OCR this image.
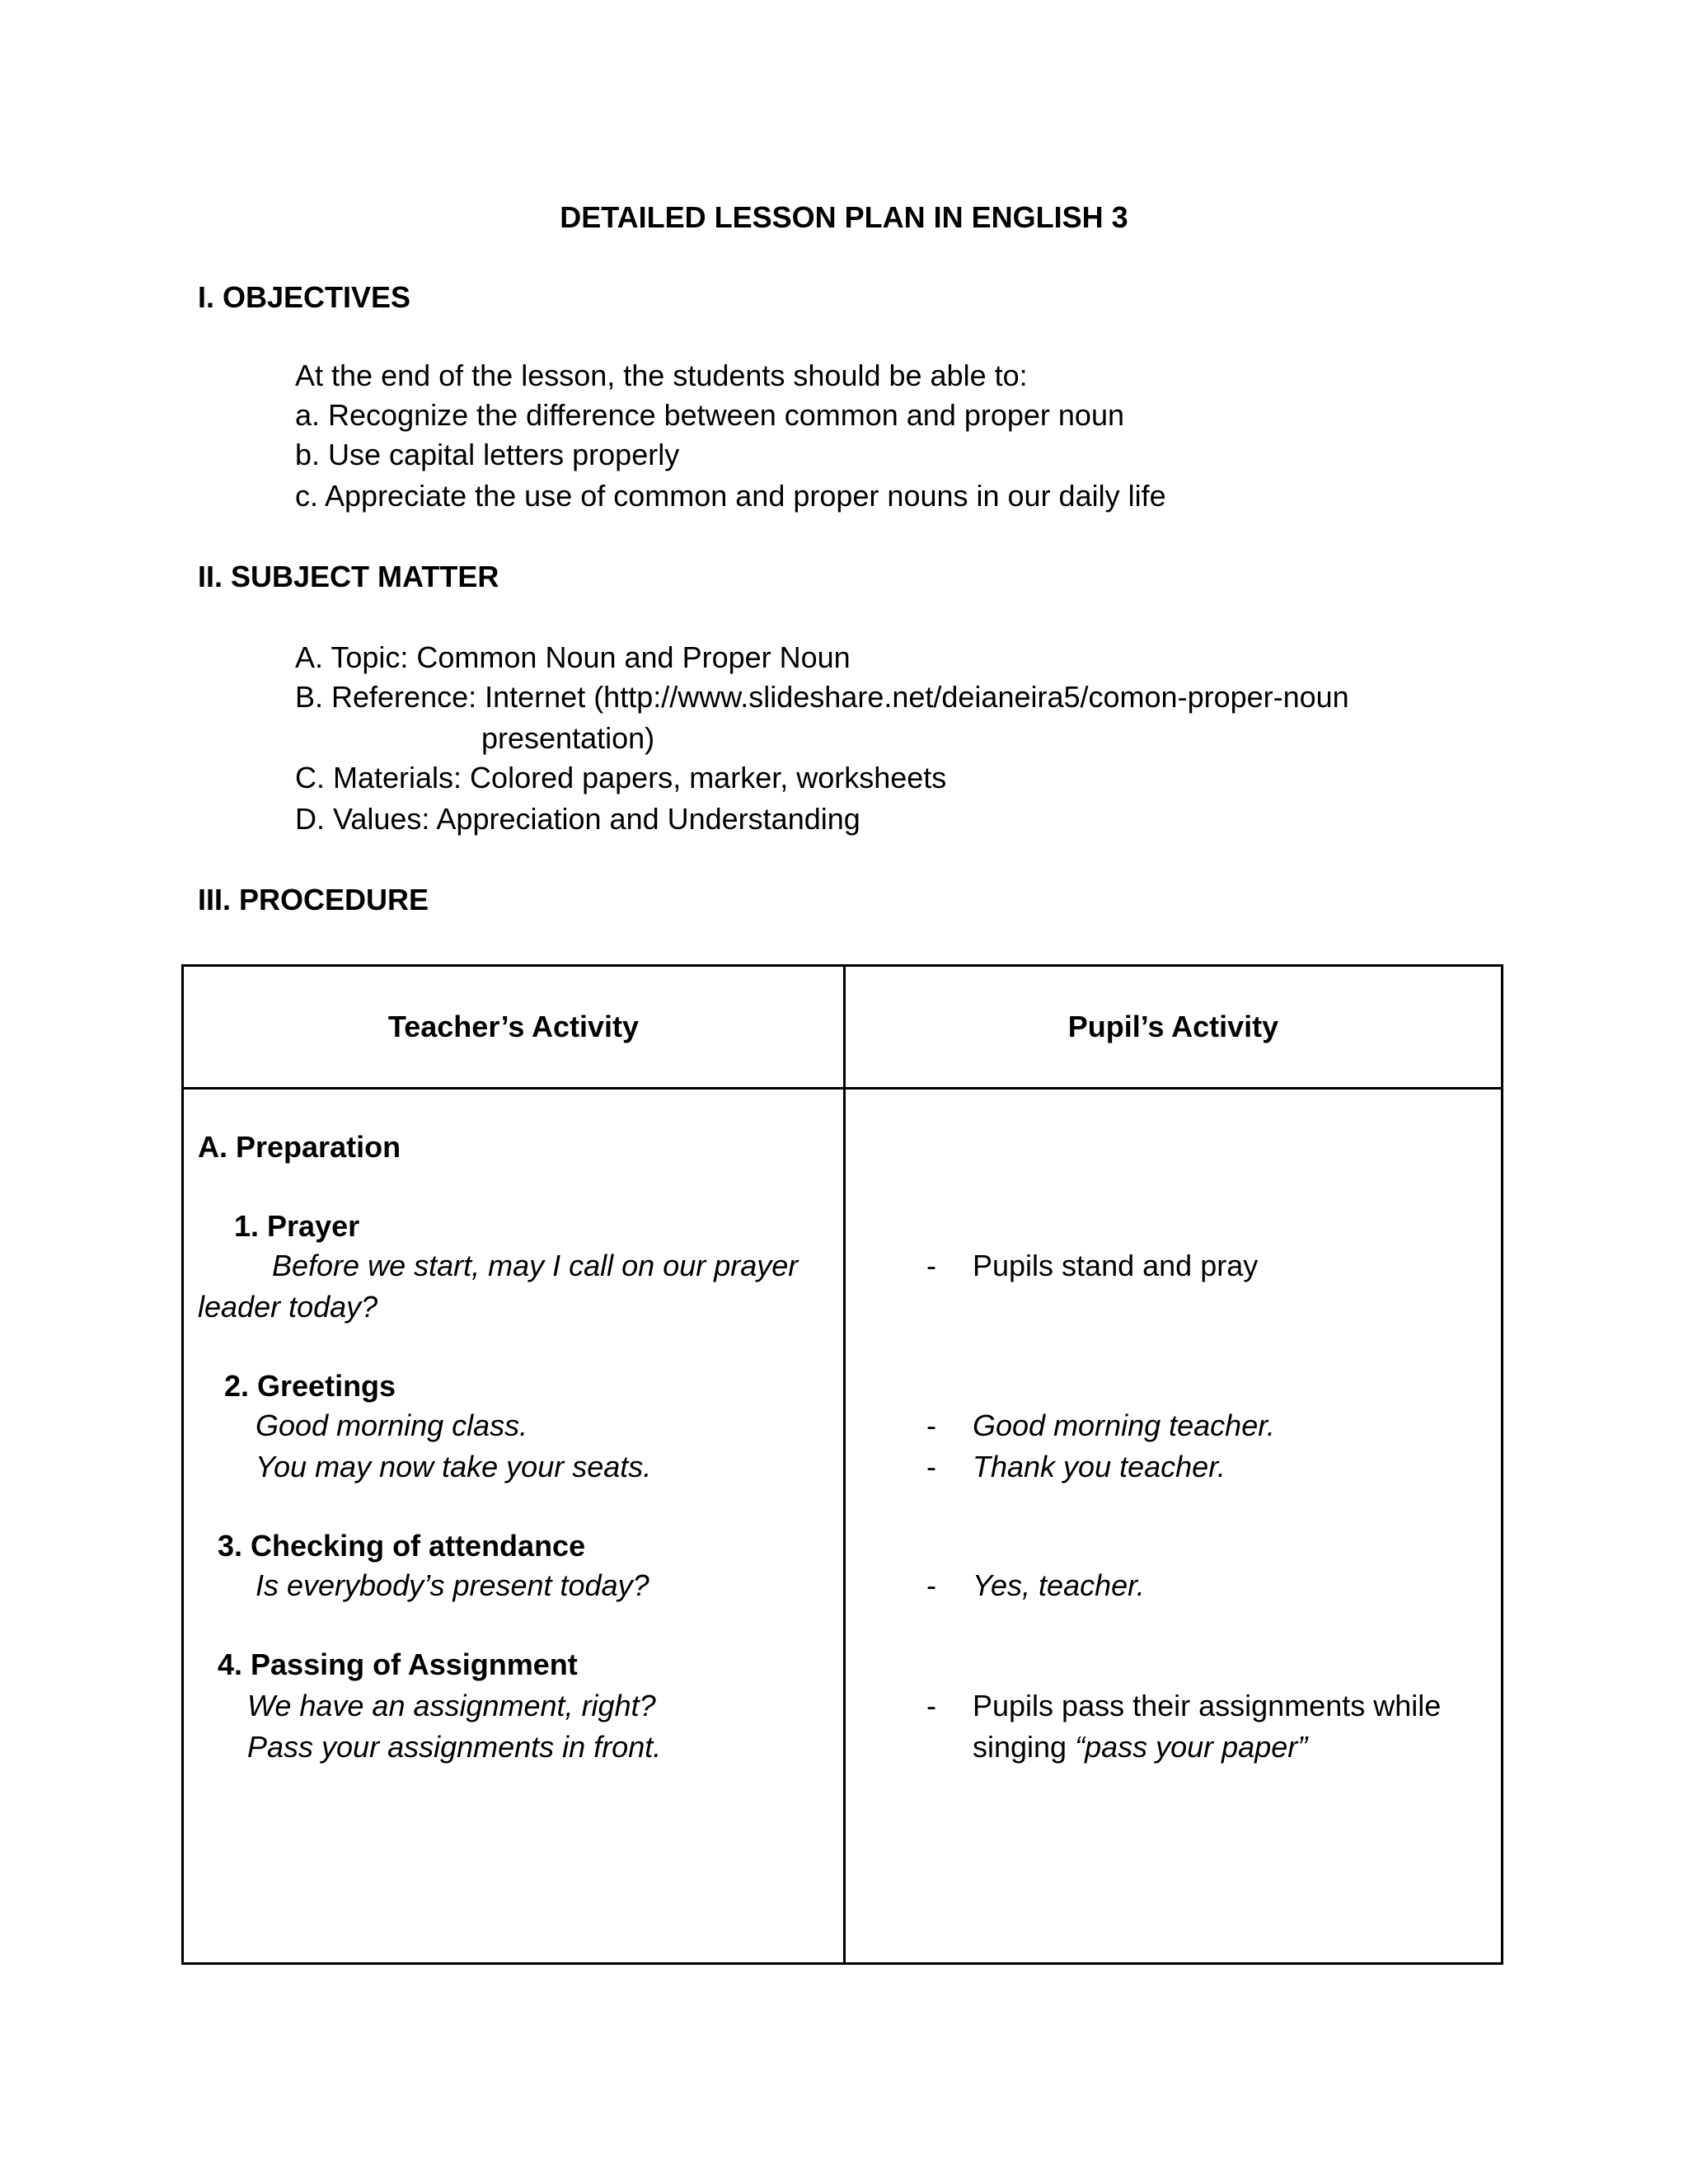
DETAILED LESSON PLAN IN ENGLISH 3
I. OBJECTIVES
At the end of the lesson, the students should be able to:
a. Recognize the difference between common and proper noun
b. Use capital letters properly
c. Appreciate the use of common and proper nouns in our daily life
II. SUBJECT MATTER
A. Topic: Common Noun and Proper Noun
B. Reference: Internet (http://www.slideshare.net/deianeira5/comon-proper-noun
presentation)
C. Materials: Colored papers, marker, worksheets
D. Values: Appreciation and Understanding
III. PROCEDURE
Teacher’s Activity	Pupil’s Activity
A. Preparation
1. Prayer
Before we start, may I call on our prayer
leader today?
2. Greetings
Good morning class.
You may now take your seats.
3. Checking of attendance
Is everybody’s present today?
4. Passing of Assignment
We have an assignment, right?
Pass your assignments in front.
- Pupils stand and pray
- Good morning teacher.
- Thank you teacher.
- Yes, teacher.
- Pupils pass their assignments while
singing “pass your paper”
